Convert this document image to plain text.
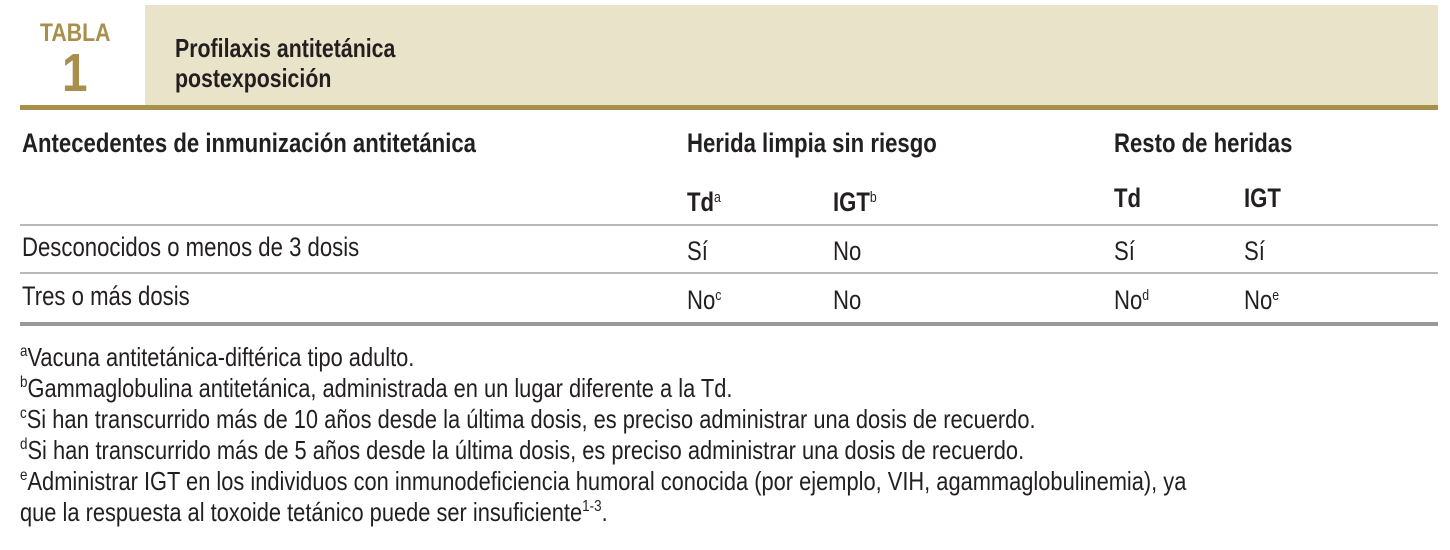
TABLA
1	Profilaxis antitetánica
postexposición
Antecedentes de inmunización antitetánica	Herida limpia sin riesgo	Resto de heridas
Td$^a$	IGT$^b$	Td	IGT
Desconocidos o menos de 3 dosis	Sí	No	Sí	Sí
Tres o más dosis	No$^c$	No	No$^d$	No$^e$
$^a$Vacuna antitetánica-diftérica tipo adulto.
$^b$Gammaglobulina antitetánica, administrada en un lugar diferente a la Td.
$^c$Si han transcurrido más de 10 años desde la última dosis, es preciso administrar una dosis de recuerdo.
$^d$Si han transcurrido más de 5 años desde la última dosis, es preciso administrar una dosis de recuerdo.
$^e$Administrar IGT en los individuos con inmunodeficiencia humoral conocida (por ejemplo, VIH, agammaglobulinemia), ya
que la respuesta al toxoide tetánico puede ser insuficiente$^{1-3}$.
